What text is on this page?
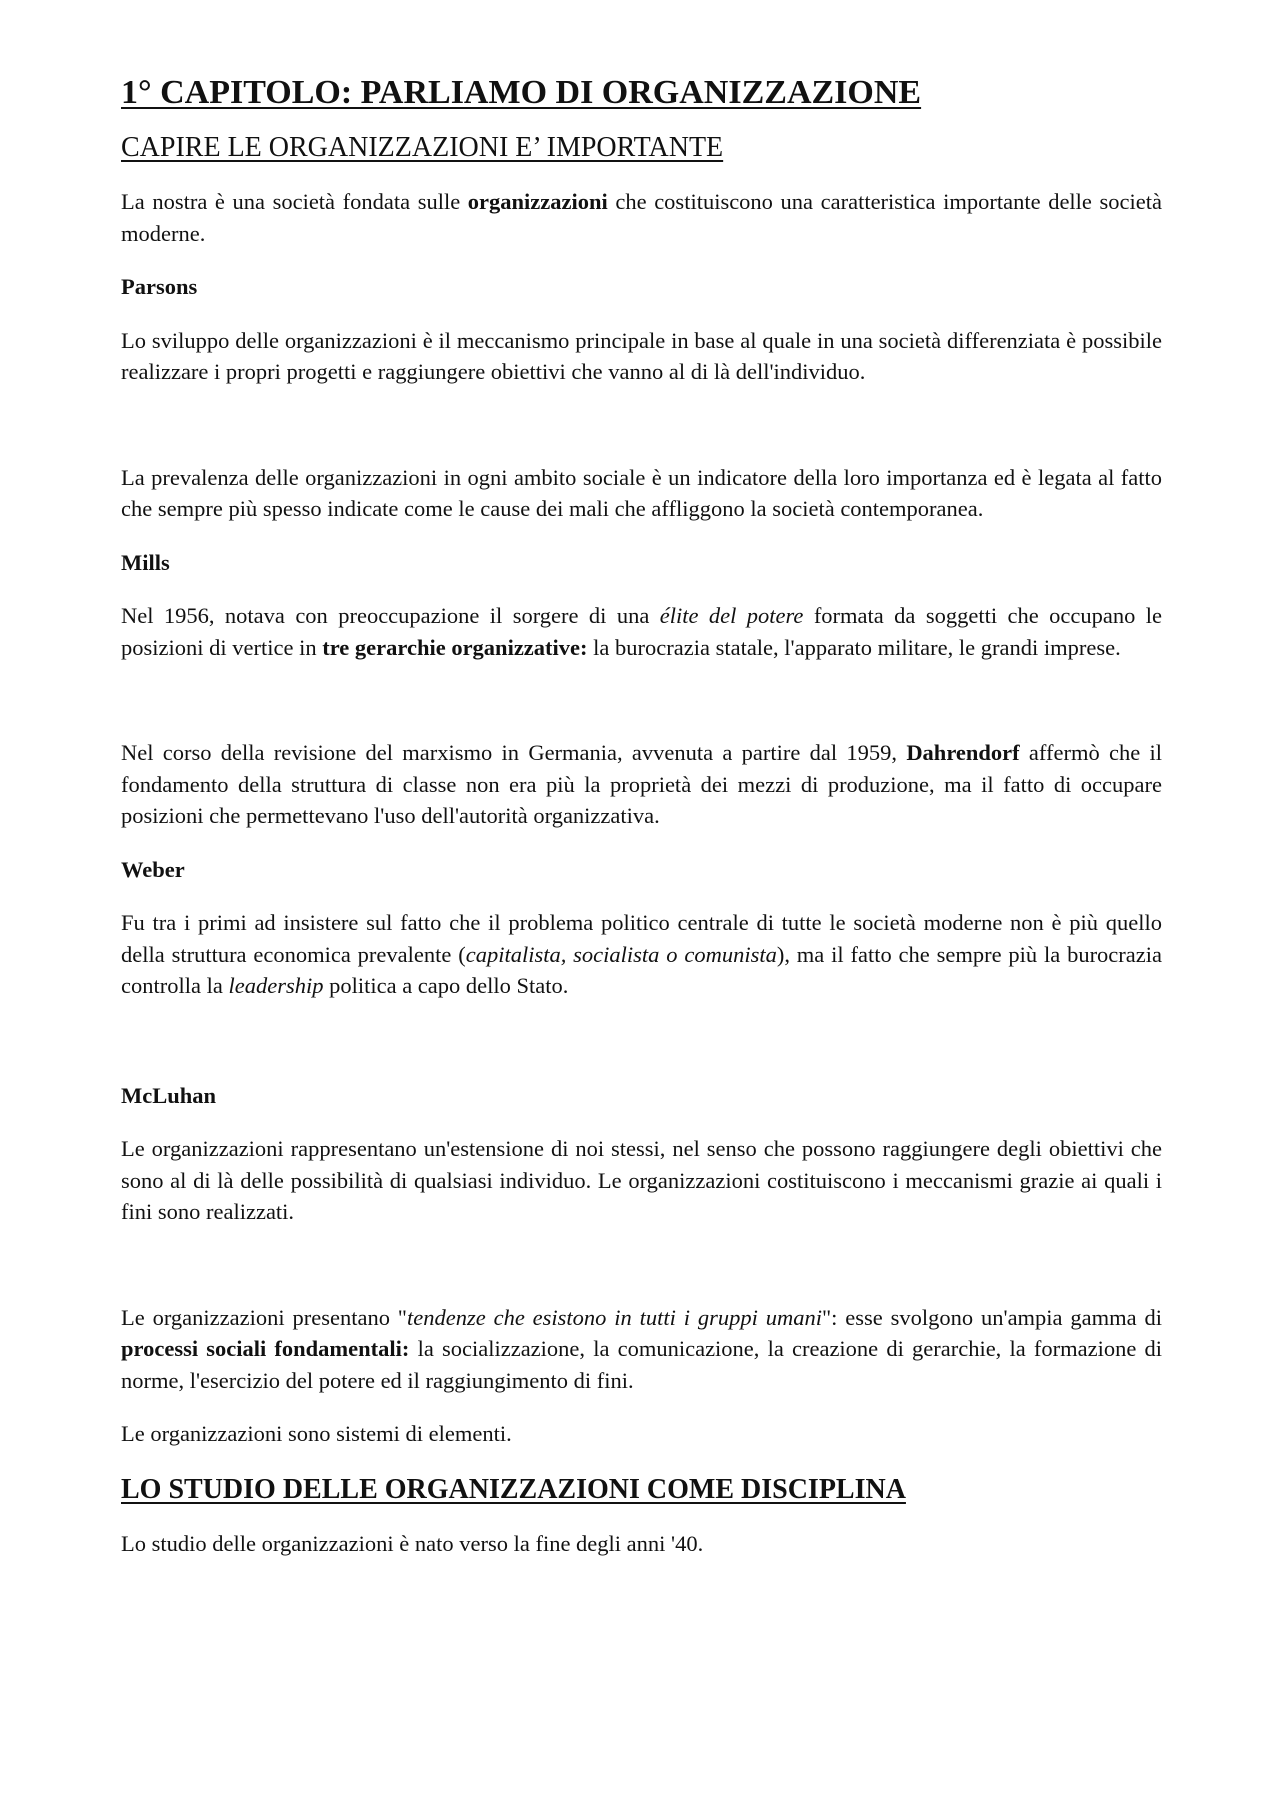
1° CAPITOLO: PARLIAMO DI ORGANIZZAZIONE
CAPIRE LE ORGANIZZAZIONI E’ IMPORTANTE

La nostra è una società fondata sulle organizzazioni che costituiscono una caratteristica importante delle società moderne.

Parsons

Lo sviluppo delle organizzazioni è il meccanismo principale in base al quale in una società differenziata è possibile realizzare i propri progetti e raggiungere obiettivi che vanno al di là dell'individuo.

La prevalenza delle organizzazioni in ogni ambito sociale è un indicatore della loro importanza ed è legata al fatto che sempre più spesso indicate come le cause dei mali che affliggono la società contemporanea.

Mills

Nel 1956, notava con preoccupazione il sorgere di una élite del potere formata da soggetti che occupano le posizioni di vertice in tre gerarchie organizzative: la burocrazia statale, l'apparato militare, le grandi imprese.

Nel corso della revisione del marxismo in Germania, avvenuta a partire dal 1959, Dahrendorf affermò che il fondamento della struttura di classe non era più la proprietà dei mezzi di produzione, ma il fatto di occupare posizioni che permettevano l'uso dell'autorità organizzativa.

Weber

Fu tra i primi ad insistere sul fatto che il problema politico centrale di tutte le società moderne non è più quello della struttura economica prevalente (capitalista, socialista o comunista), ma il fatto che sempre più la burocrazia controlla la leadership politica a capo dello Stato.

McLuhan

Le organizzazioni rappresentano un'estensione di noi stessi, nel senso che possono raggiungere degli obiettivi che sono al di là delle possibilità di qualsiasi individuo. Le organizzazioni costituiscono i meccanismi grazie ai quali i fini sono realizzati.

Le organizzazioni presentano "tendenze che esistono in tutti i gruppi umani": esse svolgono un'ampia gamma di processi sociali fondamentali: la socializzazione, la comunicazione, la creazione di gerarchie, la formazione di norme, l'esercizio del potere ed il raggiungimento di fini.

Le organizzazioni sono sistemi di elementi.

LO STUDIO DELLE ORGANIZZAZIONI COME DISCIPLINA

Lo studio delle organizzazioni è nato verso la fine degli anni '40.
